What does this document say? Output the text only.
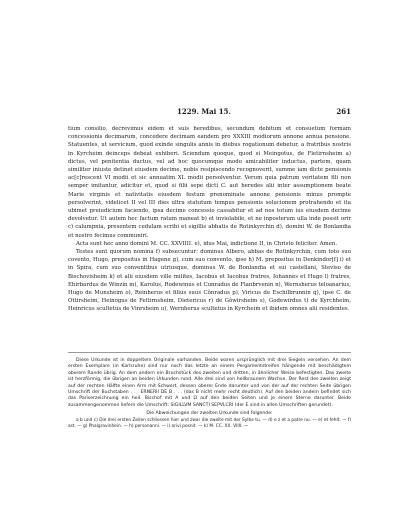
1229. Mai 15.	261

tium consilio, decrevimus eidem et suis heredibus, secundum debitum et consuetum formam concessionis decimarum, concedere decimam eandem pro XXXIII modiorum annone annua pensione. Statuentes, ut servicium, quod exinde singulis annis in diebus rogationum debetur, a fratribus nostris in Kyrcheim deinceps debeat exhiberi. Sciendum quoque, quod si Meingotus, de Fletirnsheim a) dictus, vel penitentia ductus, vel ad hoc quocumque modo amicabiliter inductus, partem, quam similiter iniuste detinet eiusdem decime, nobis resipiscendo recognoverit, summe iam dicte pensionis ac[c]rescent VI modii et sic annuatim XL modii persolventur. Verum quia patrum veritatem fili non semper imitantur, adicitur et, quod si filii sepe dicti C. aut heredes alii inter assumptionem beate Marie virginis et nativitatis eiusdem festum prenominate annone pensionis minus prompte persolverint, videlicet II vel III dies ultra statutum tempus pensionis solucionem protrahendo et ita ubimet preiudicium faciendo, ipsa decime concessio cassabitur et ad nos totum ius eiusdem decime devolvetur. Ut autem hec factum ratum maneat b) et inviolabile, et ne inposterum ulla inde possit orir c) calumpnia, presentem cedulam scribi et sigillis abbatis de Rotinkyrchin d), domini W. de Bonlandia et nostro fecimus communiri.

Acta sunt hec anno domini M. CC. XXVIIII. e), idus Mai, indictione II, in Christo feliciter. Amen.

Testes sunt quorum nomina f) subsecuntur: dominus Albero, abbas de Rotinkyrchin, cum toto suo covento, Hugo, prepositus in Hagene g), cum suo convento, ipse h) M. prepositus in Denkindor[f] i) et in Spira, cum suo conventibus utriusque, dominus W. de Bonlandia et sui castellani, Steviso de Bischovisheim k) et alii eiusdem ville milites, Iacobus et Iacobus fratres, Iohannes et Hugo l) fratres, Ehirbardus de Winzin m), Karolus, Rodewinus et Cunradus de Flanbrvenin n), Wernsherus teloanarius, Hugo de Munsheim o), Reinherus et filius suus Cõnradus p), Viricus de Eschilbrunnin q), ipse C. de Ottirsheim, Heinogus de Feltirnsheim, Dietericus r) de Gôwirsheim s), Godewirdus t) de Kyrchheim, Heinricus scultetus de Vinrsheim u), Wernherus scultetus in Kyrcheim et ibidem omnes alii residentes.

Diese Urkunde ist in doppeltem Originale vorhanden. Beide waren ursprünglich mit drei Siegeln versehen. An dem ersten Exemplare (in Karlsruhe) sind nur noch das letzte an einem Pergamentstreifen hängende mit beschädigtem oberem Rande übrig. An dem andern ein Bruchstück des zweiten und dritten, in ähnlicher Weise befestigten. Das zweite ist herzförmig, die übrigen an beiden Urkunden rund. Alle drei sind von hellbraunem Wachse. Der Rest des zweiten zeigt auf der rechten Hälfte einen Arm mit Schwert, dessen oberer Ende darunter und von der auf der rechten Seite übrigen Umschrift der Buchstaben . . . ERNERII DE B . . . (das B nicht mehr recht deutlich). Auf den beiden andern befindet sich das Pariserzeichnung ein heil. Bischof mit A und Ω auf den beiden Seiten und je einem Sterne darunter. Beide zusammengenommen liefern die Umschrift: SIGILLVM SANCTI SEPVLCRI (der E sind in allen Umschriften gerundet).

Die Abweichungen der zweiten Urkunde sind folgende:

a b und c) Die drei ersten Zeilen schliessen hier und zwar die zweite mit der Sylbe tu. — d) e z et a patre nu. — e) et fehlt. — f) ast. — g) Phalgravinhein. — h) personanni. — i) orivi posnit. — k) M. CC. XX. VIIII. —
